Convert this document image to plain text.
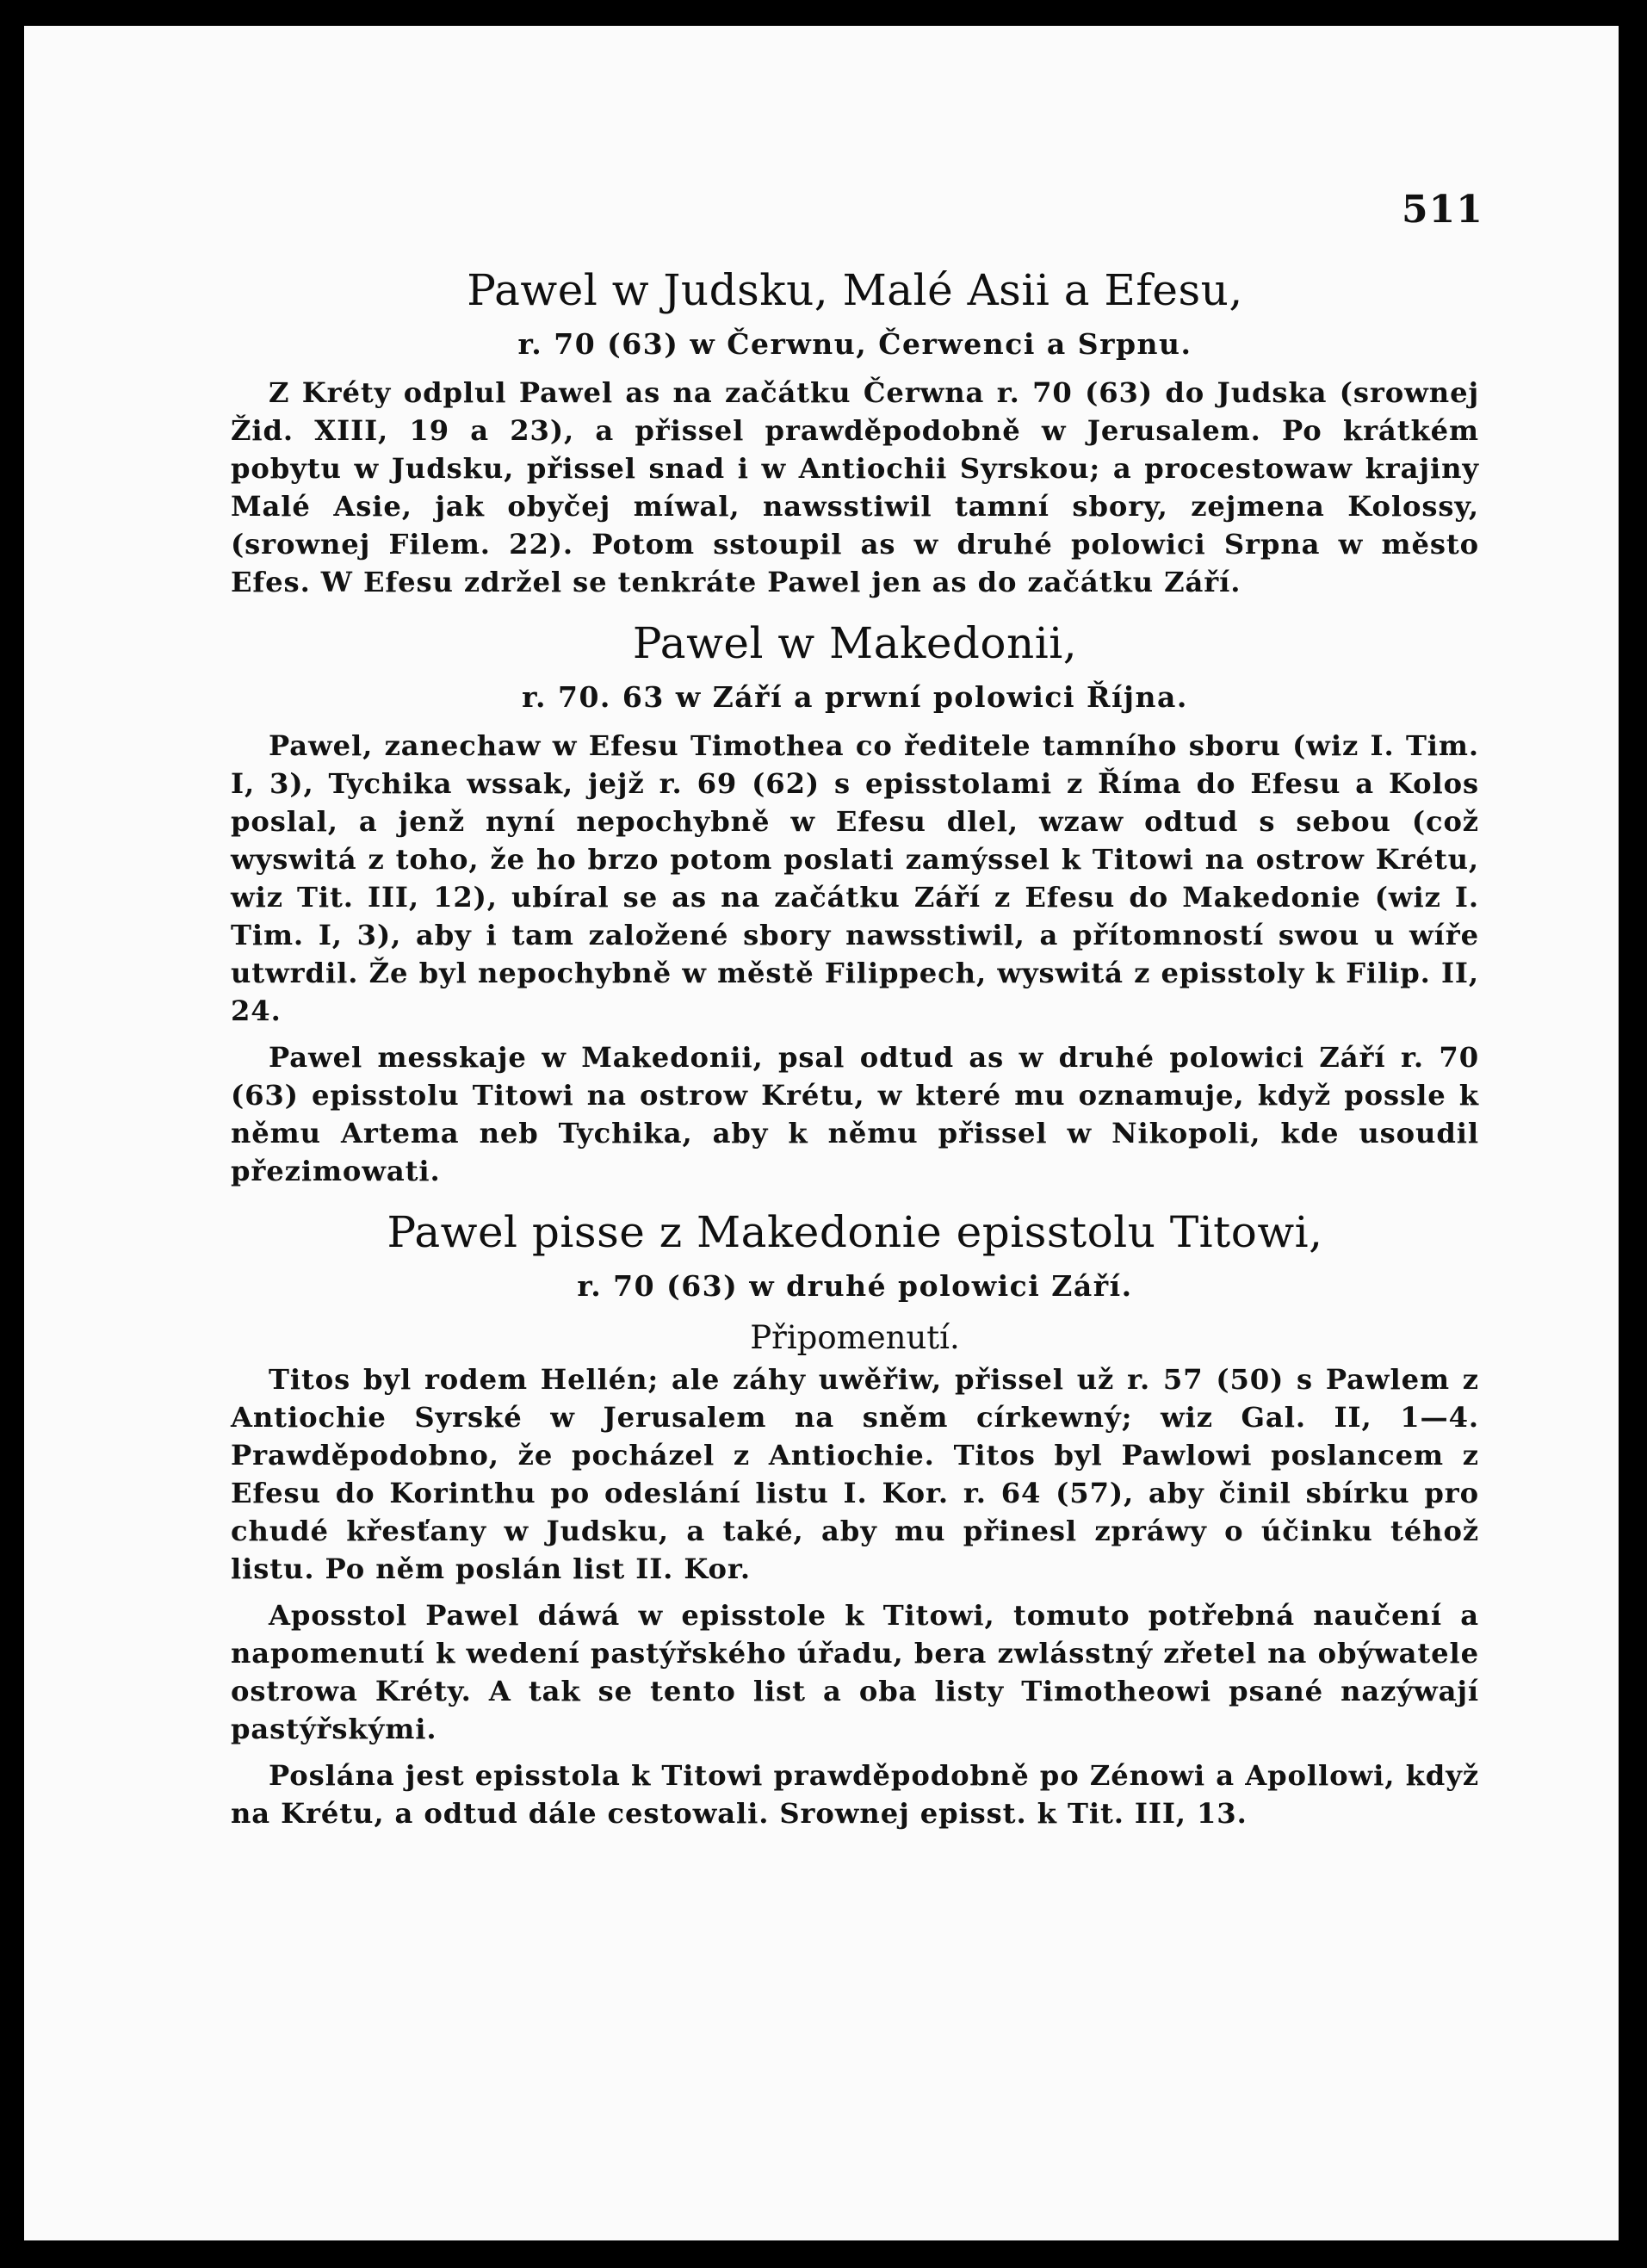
511
Pawel w Judsku, Malé Asii a Efesu,
r. 70 (63) w Čerwnu, Čerwenci a Srpnu.

Z Kréty odplul Pawel as na začátku Čerwna r. 70 (63) do Judska (srownej Žid. XIII, 19 a 23), a přissel prawděpodobně w Jerusalem. Po krátkém pobytu w Judsku, přissel snad i w Antiochii Syrskou; a procestowaw krajiny Malé Asie, jak obyčej míwal, nawsstiwil tamní sbory, zejmena Kolossy, (srownej Filem. 22). Potom sstoupil as w druhé polowici Srpna w město Efes. W Efesu zdržel se tenkráte Pawel jen as do začátku Září.

Pawel w Makedonii,
r. 70. 63 w Září a prwní polowici Října.

Pawel, zanechaw w Efesu Timothea co ředitele tamního sboru (wiz I. Tim. I, 3), Tychika wssak, jejž r. 69 (62) s episstolami z Říma do Efesu a Kolos poslal, a jenž nyní nepochybně w Efesu dlel, wzaw odtud s sebou (což wyswitá z toho, že ho brzo potom poslati zamýssel k Titowi na ostrow Krétu, wiz Tit. III, 12), ubíral se as na začátku Září z Efesu do Makedonie (wiz I. Tim. I, 3), aby i tam založené sbory nawsstiwil, a přítomností swou u wíře utwrdil. Že byl nepochybně w městě Filippech, wyswitá z episstoly k Filip. II, 24.

Pawel messkaje w Makedonii, psal odtud as w druhé polowici Září r. 70 (63) episstolu Titowi na ostrow Krétu, w které mu oznamuje, když possle k němu Artema neb Tychika, aby k němu přissel w Nikopoli, kde usoudil přezimowati.

Pawel pisse z Makedonie episstolu Titowi,
r. 70 (63) w druhé polowici Září.
Připomenutí.

Titos byl rodem Hellén; ale záhy uwěřiw, přissel už r. 57 (50) s Pawlem z Antiochie Syrské w Jerusalem na sněm církewný; wiz Gal. II, 1—4. Prawděpodobno, že pocházel z Antiochie. Titos byl Pawlowi poslancem z Efesu do Korinthu po odeslání listu I. Kor. r. 64 (57), aby činil sbírku pro chudé křesťany w Judsku, a také, aby mu přinesl zpráwy o účinku téhož listu. Po něm poslán list II. Kor.

Aposstol Pawel dáwá w episstole k Titowi, tomuto potřebná naučení a napomenutí k wedení pastýřského úřadu, bera zwlásstný zřetel na obýwatele ostrowa Kréty. A tak se tento list a oba listy Timotheowi psané nazýwají pastýřskými.

Poslána jest episstola k Titowi prawděpodobně po Zénowi a Apollowi, když na Krétu, a odtud dále cestowali. Srownej episst. k Tit. III, 13.
